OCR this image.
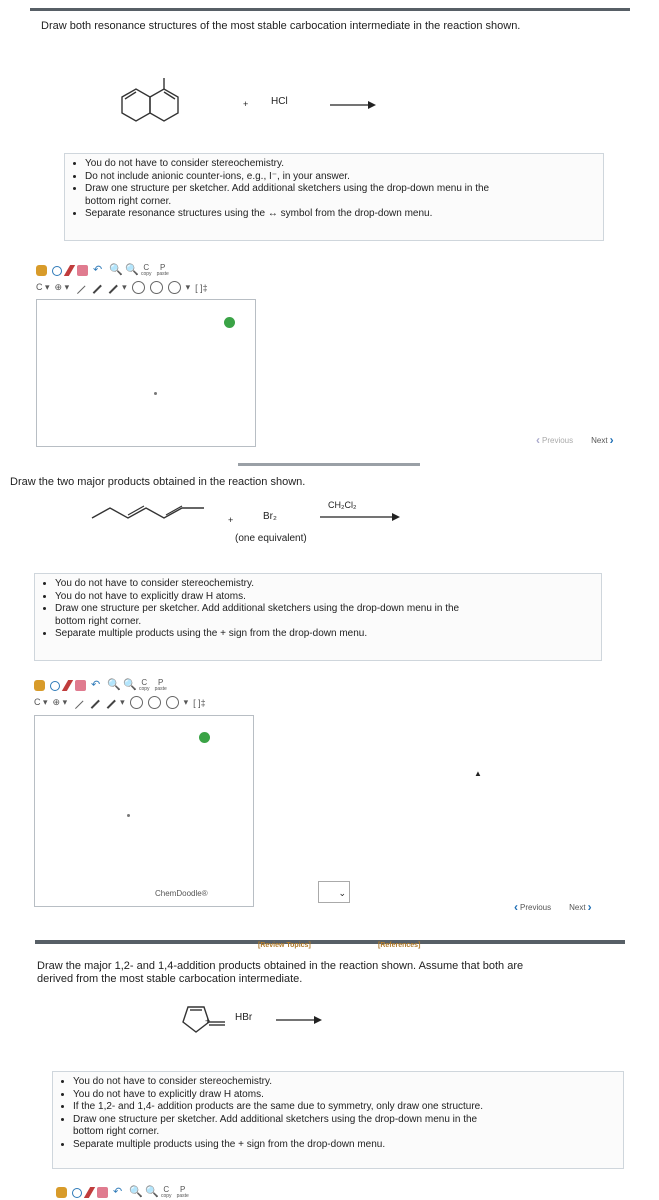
Draw both resonance structures of the most stable carbocation intermediate in the reaction shown.
+ HCl
• You do not have to consider stereochemistry.
• Do not include anionic counter-ions, e.g., I⁻, in your answer.
• Draw one structure per sketcher. Add additional sketchers using the drop-down menu in the
bottom right corner.
• Separate resonance structures using the ↔ symbol from the drop-down menu.
↶ 🔍 🔍 C
copy
P
paste
C ▾ ⊕ ▾	▾	▾ [ ]‡
‹ Previous Next ›
Draw the two major products obtained in the reaction shown.
+	Br₂
(one equivalent)
CH₂Cl₂
• You do not have to consider stereochemistry.
• You do not have to explicitly draw H atoms.
• Draw one structure per sketcher. Add additional sketchers using the drop-down menu in the
bottom right corner.
• Separate multiple products using the + sign from the drop-down menu.
↶ 🔍 🔍 C
copy
P
paste
C ▾ ⊕ ▾	▾	▾ [ ]‡
ChemDoodle®	⌄
▲
‹ Previous Next ›
[Review Topics]	[References]
Draw the major 1,2- and 1,4-addition products obtained in the reaction shown. Assume that both are
derived from the most stable carbocation intermediate.
+ HBr
• You do not have to consider stereochemistry.
• You do not have to explicitly draw H atoms.
• If the 1,2- and 1,4- addition products are the same due to symmetry, only draw one structure.
• Draw one structure per sketcher. Add additional sketchers using the drop-down menu in the
bottom right corner.
• Separate multiple products using the + sign from the drop-down menu.
↶ 🔍 🔍 C
copy
P
paste
